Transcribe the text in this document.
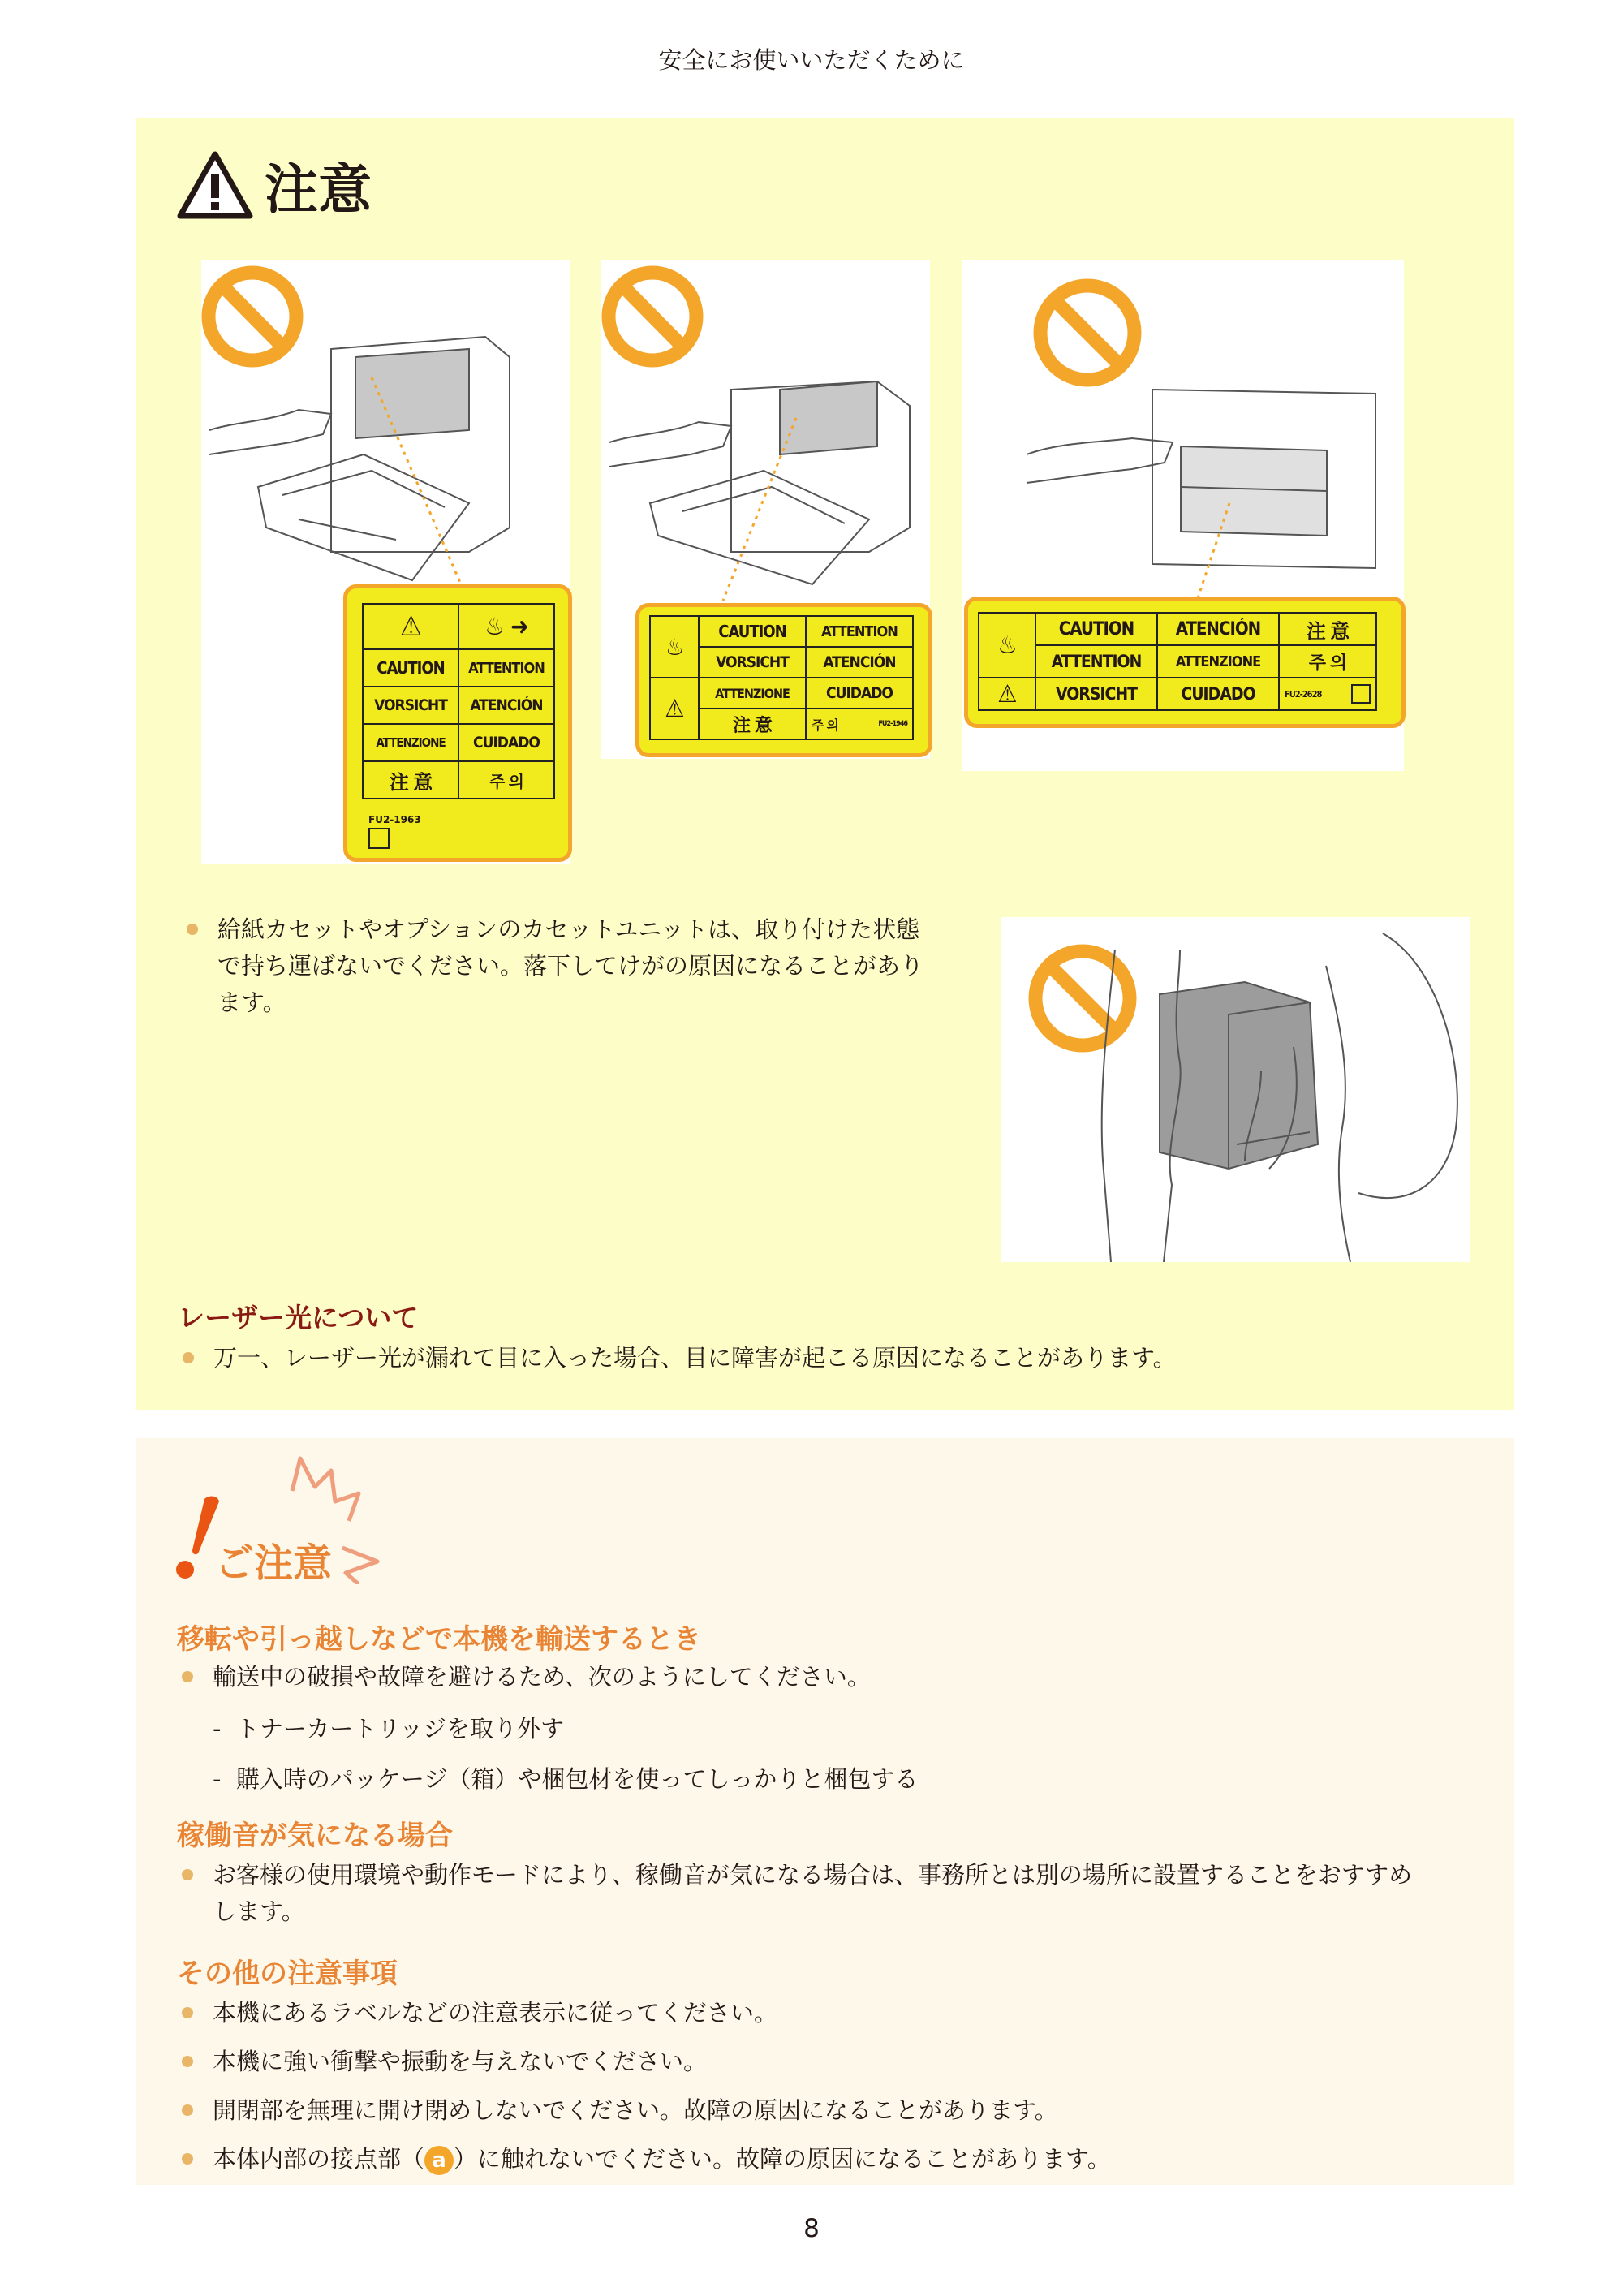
安全にお使いいただくために
注意
⚠	♨ ➜
CAUTION	ATTENTION
VORSICHT	ATENCIÓN
ATTENZIONE	CUIDADO
注 意	주 의
FU2-1963
♨
CAUTION	ATTENTION
VORSICHT	ATENCIÓN
⚠
ATTENZIONE	CUIDADO
注 意	주 의	FU2-1946
♨
CAUTION	ATENCIÓN	注 意
ATTENTION	ATTENZIONE	주 의
⚠	VORSICHT	CUIDADO	FU2-2628
給紙カセットやオプションのカセットユニットは、取り付けた状態
で持ち運ばないでください。落下してけがの原因になることがあり
ます。
レーザー光について
万一、レーザー光が漏れて目に入った場合、目に障害が起こる原因になることがあります。
ご注意
移転や引っ越しなどで本機を輸送するとき
輸送中の破損や故障を避けるため、次のようにしてください。
-  トナーカートリッジを取り外す
-  購入時のパッケージ（箱）や梱包材を使ってしっかりと梱包する
稼働音が気になる場合
お客様の使用環境や動作モードにより、稼働音が気になる場合は、事務所とは別の場所に設置することをおすすめ
します。
その他の注意事項
本機にあるラベルなどの注意表示に従ってください。
本機に強い衝撃や振動を与えないでください。
開閉部を無理に開け閉めしないでください。故障の原因になることがあります。
本体内部の接点部（ a ）に触れないでください。故障の原因になることがあります。
8
